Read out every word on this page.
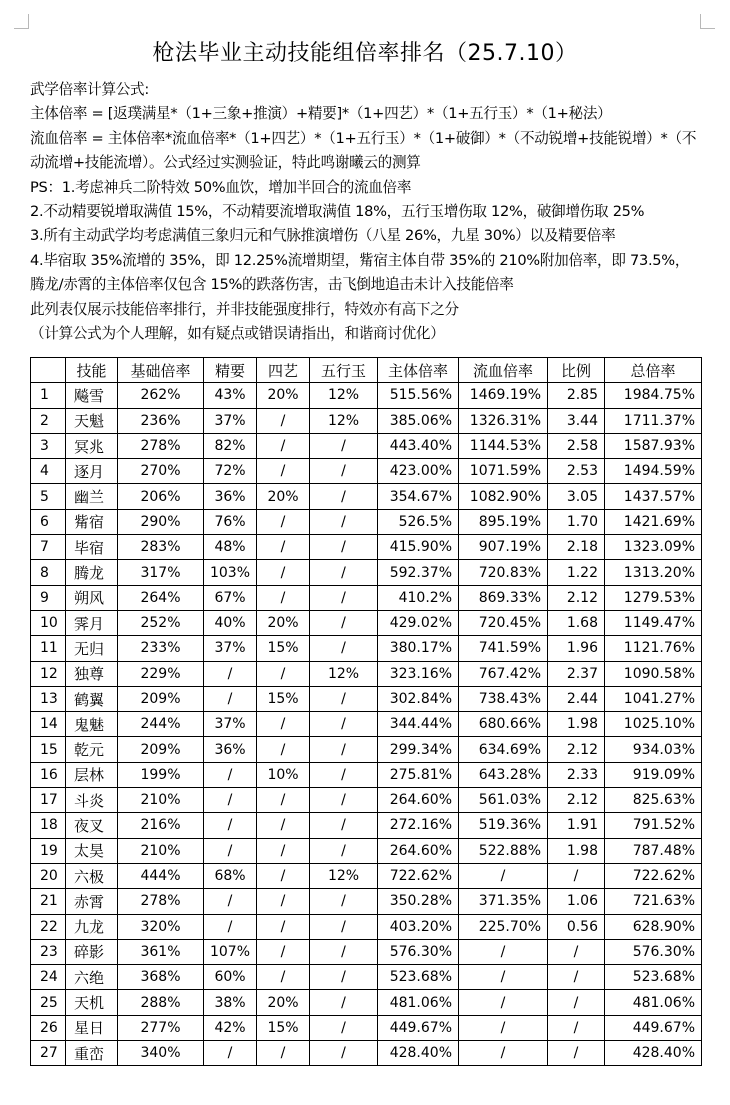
枪法毕业主动技能组倍率排名（25.7.10）

武学倍率计算公式:

主体倍率 = [返璞满星*（1+三象+推演）+精要]*（1+四艺）*（1+五行玉）*（1+秘法）

流血倍率 = 主体倍率*流血倍率*（1+四艺）*（1+五行玉）*（1+破御）*（不动锐增+技能锐增）*（不动流增+技能流增）。公式经过实测验证，特此鸣谢曦云的测算

PS：1.考虑神兵二阶特效 50%血饮，增加半回合的流血倍率

2.不动精要锐增取满值 15%，不动精要流增取满值 18%，五行玉增伤取 12%，破御增伤取 25%

3.所有主动武学均考虑满值三象归元和气脉推演增伤（八星 26%，九星 30%）以及精要倍率

4.毕宿取 35%流增的 35%，即 12.25%流增期望，觜宿主体自带 35%的 210%附加倍率，即 73.5%，

腾龙/赤霄的主体倍率仅包含 15%的跌落伤害，击飞倒地追击未计入技能倍率

此列表仅展示技能倍率排行，并非技能强度排行，特效亦有高下之分

（计算公式为个人理解，如有疑点或错误请指出，和谐商讨优化）

	技能	基础倍率	精要	四艺	五行玉	主体倍率	流血倍率	比例	总倍率
1	飚雪	262%	43%	20%	12%	515.56%	1469.19%	2.85	1984.75%
2	天魁	236%	37%	/	12%	385.06%	1326.31%	3.44	1711.37%
3	冥兆	278%	82%	/	/	443.40%	1144.53%	2.58	1587.93%
4	逐月	270%	72%	/	/	423.00%	1071.59%	2.53	1494.59%
5	幽兰	206%	36%	20%	/	354.67%	1082.90%	3.05	1437.57%
6	觜宿	290%	76%	/	/	526.5%	895.19%	1.70	1421.69%
7	毕宿	283%	48%	/	/	415.90%	907.19%	2.18	1323.09%
8	腾龙	317%	103%	/	/	592.37%	720.83%	1.22	1313.20%
9	朔风	264%	67%	/	/	410.2%	869.33%	2.12	1279.53%
10	霁月	252%	40%	20%	/	429.02%	720.45%	1.68	1149.47%
11	无归	233%	37%	15%	/	380.17%	741.59%	1.96	1121.76%
12	独尊	229%	/	/	12%	323.16%	767.42%	2.37	1090.58%
13	鹤翼	209%	/	15%	/	302.84%	738.43%	2.44	1041.27%
14	鬼魅	244%	37%	/	/	344.44%	680.66%	1.98	1025.10%
15	乾元	209%	36%	/	/	299.34%	634.69%	2.12	934.03%
16	层林	199%	/	10%	/	275.81%	643.28%	2.33	919.09%
17	斗炎	210%	/	/	/	264.60%	561.03%	2.12	825.63%
18	夜叉	216%	/	/	/	272.16%	519.36%	1.91	791.52%
19	太昊	210%	/	/	/	264.60%	522.88%	1.98	787.48%
20	六极	444%	68%	/	12%	722.62%	/	/	722.62%
21	赤霄	278%	/	/	/	350.28%	371.35%	1.06	721.63%
22	九龙	320%	/	/	/	403.20%	225.70%	0.56	628.90%
23	碎影	361%	107%	/	/	576.30%	/	/	576.30%
24	六绝	368%	60%	/	/	523.68%	/	/	523.68%
25	天机	288%	38%	20%	/	481.06%	/	/	481.06%
26	星日	277%	42%	15%	/	449.67%	/	/	449.67%
27	重峦	340%	/	/	/	428.40%	/	/	428.40%
